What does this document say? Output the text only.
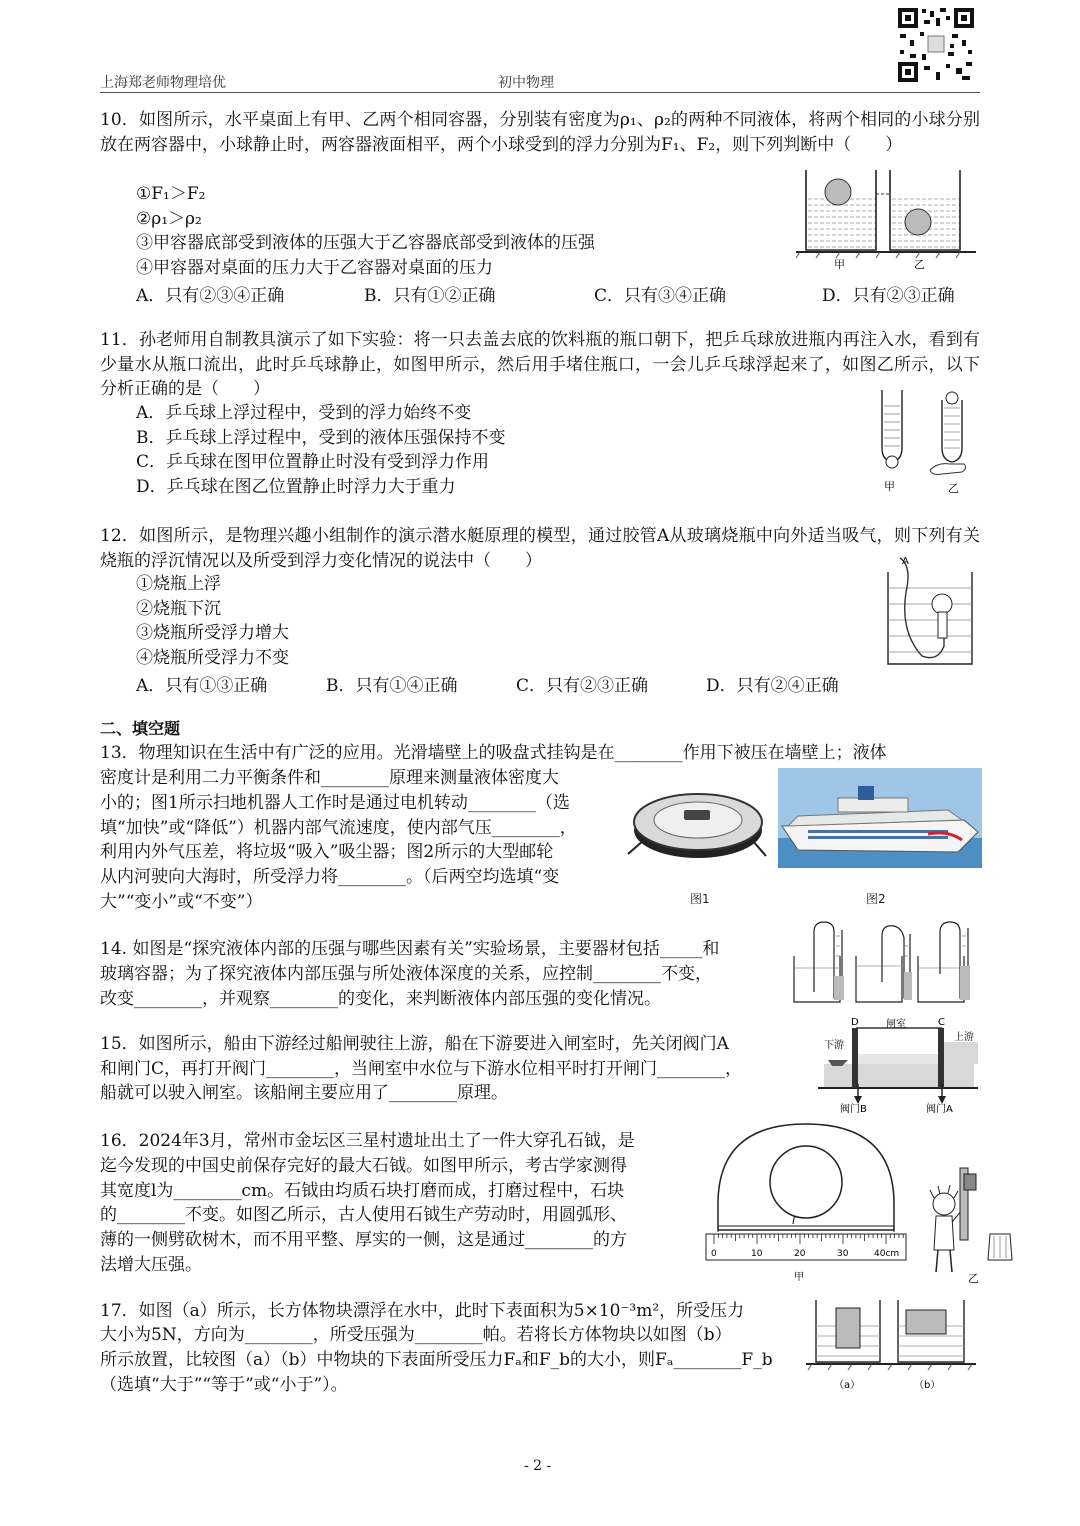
上海郑老师物理培优	初中物理
10．如图所示，水平桌面上有甲、乙两个相同容器，分别装有密度为ρ₁、ρ₂的两种不同液体，将两个相同的小球分别放在两容器中，小球静止时，两容器液面相平，两个小球受到的浮力分别为F₁、F₂，则下列判断中（　　）
①F₁＞F₂
②ρ₁＞ρ₂
③甲容器底部受到液体的压强大于乙容器底部受到液体的压强
④甲容器对桌面的压力大于乙容器对桌面的压力
A．只有②③④正确	B．只有①②正确	C．只有③④正确	D．只有②③正确
甲	乙
11．孙老师用自制教具演示了如下实验：将一只去盖去底的饮料瓶的瓶口朝下，把乒乓球放进瓶内再注入水，看到有少量水从瓶口流出，此时乒乓球静止，如图甲所示，然后用手堵住瓶口，一会儿乒乓球浮起来了，如图乙所示，以下分析正确的是（　　）
A．乒乓球上浮过程中，受到的浮力始终不变
B．乒乓球上浮过程中，受到的液体压强保持不变
C．乒乓球在图甲位置静止时没有受到浮力作用
D．乒乓球在图乙位置静止时浮力大于重力	甲	乙
12．如图所示，是物理兴趣小组制作的演示潜水艇原理的模型，通过胶管A从玻璃烧瓶中向外适当吸气，则下列有关烧瓶的浮沉情况以及所受到浮力变化情况的说法中（　　）
①烧瓶上浮
②烧瓶下沉
③烧瓶所受浮力增大
④烧瓶所受浮力不变
A．只有①③正确	B．只有①④正确	C．只有②③正确	D．只有②④正确
A
二、填空题
13．物理知识在生活中有广泛的应用。光滑墙壁上的吸盘式挂钩是在________作用下被压在墙壁上；液体
密度计是利用二力平衡条件和________原理来测量液体密度大
小的；图1所示扫地机器人工作时是通过电机转动________（选
填“加快”或“降低”）机器内部气流速度，使内部气压________，
利用内外气压差，将垃圾“吸入”吸尘器；图2所示的大型邮轮
从内河驶向大海时，所受浮力将________。（后两空均选填“变
大”“变小”或“不变”）	图1	图2
14. 如图是“探究液体内部的压强与哪些因素有关”实验场景，主要器材包括_____和
玻璃容器；为了探究液体内部压强与所处液体深度的关系，应控制________不变，
改变________，并观察________的变化，来判断液体内部压强的变化情况。
15．如图所示，船由下游经过船闸驶往上游，船在下游要进入闸室时，先关闭阀门A
和闸门C，再打开阀门________，当闸室中水位与下游水位相平时打开闸门________，
船就可以驶入闸室。该船闸主要应用了________原理。
D	闸室	C
下游
上游
阀门B	阀门A
16．2024年3月，常州市金坛区三星村遗址出土了一件大穿孔石钺，是
迄今发现的中国史前保存完好的最大石钺。如图甲所示，考古学家测得
其宽度l为________cm。石钺由均质石块打磨而成，打磨过程中，石块
的________不变。如图乙所示，古人使用石钺生产劳动时，用圆弧形、
薄的一侧劈砍树木，而不用平整、厚实的一侧，这是通过________的方
法增大压强。
l
0	10	20	30	40cm
甲	乙
17．如图（a）所示，长方体物块漂浮在水中，此时下表面积为5×10⁻³m²，所受压力
大小为5N，方向为________，所受压强为________帕。若将长方体物块以如图（b）
所示放置，比较图（a）（b）中物块的下表面所受压力Fₐ和F_b的大小，则Fₐ________F_b
（选填“大于”“等于”或“小于”）。	（a）	（b）
- 2 -
